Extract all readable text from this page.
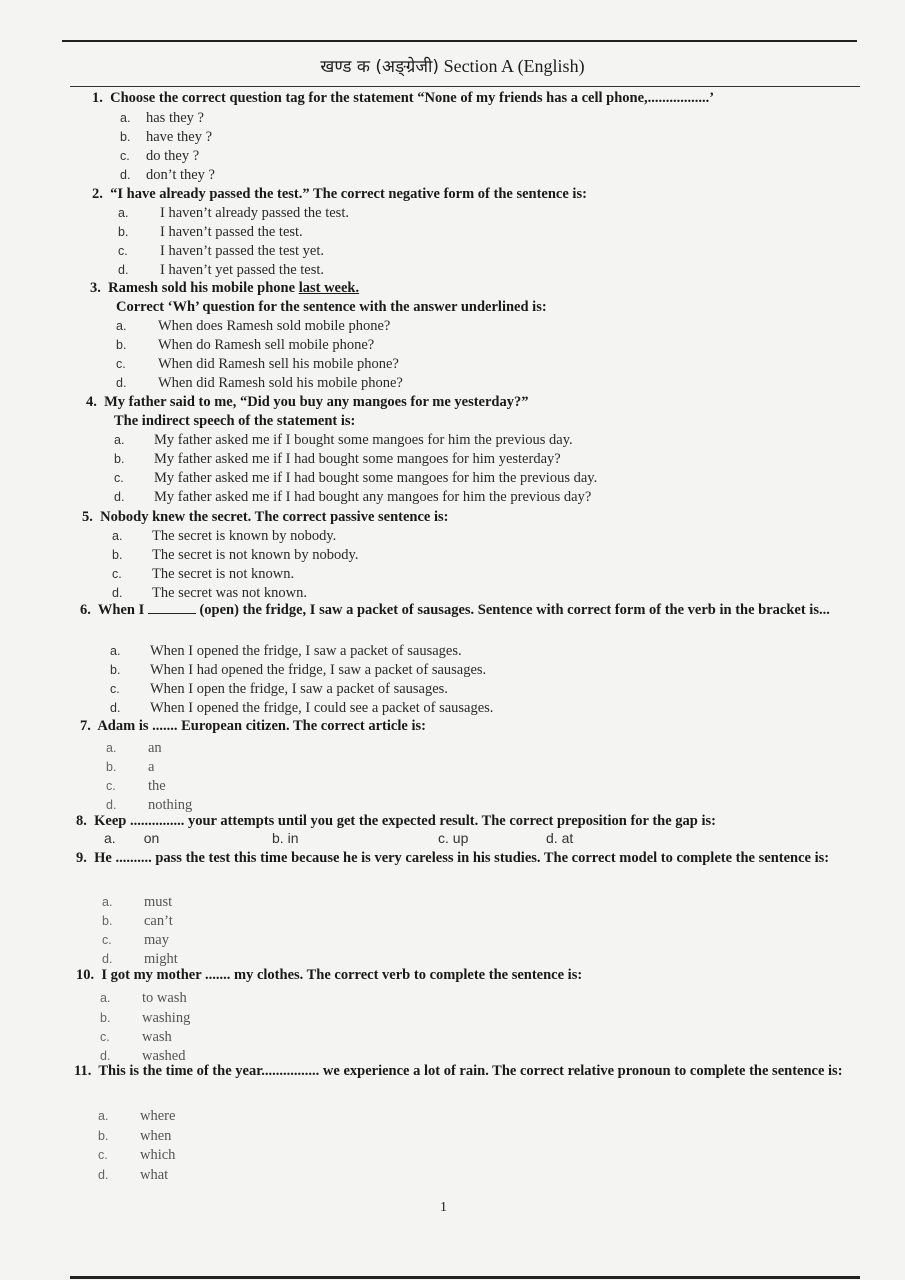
खण्ड क (अङ्ग्रेजी) Section A (English)
1. Choose the correct question tag for the statement “None of my friends has a cell phone,.................’
a. has they ?
b. have they ?
c. do they ?
d. don’t they ?
2. “I have already passed the test.” The correct negative form of the sentence is:
a. I haven’t already passed the test.
b. I haven’t passed the test.
c. I haven’t passed the test yet.
d. I haven’t yet passed the test.
3. Ramesh sold his mobile phone last week.
Correct ‘Wh’ question for the sentence with the answer underlined is:
a. When does Ramesh sold mobile phone?
b. When do Ramesh sell mobile phone?
c. When did Ramesh sell his mobile phone?
d. When did Ramesh sold his mobile phone?
4. My father said to me, “Did you buy any mangoes for me yesterday?”
The indirect speech of the statement is:
a. My father asked me if I bought some mangoes for him the previous day.
b. My father asked me if I had bought some mangoes for him yesterday?
c. My father asked me if I had bought some mangoes for him the previous day.
d. My father asked me if I had bought any mangoes for him the previous day?
5. Nobody knew the secret. The correct passive sentence is:
a. The secret is known by nobody.
b. The secret is not known by nobody.
c. The secret is not known.
d. The secret was not known.
6. When I	(open) the fridge, I saw a packet of sausages. Sentence with correct form of the verb in the bracket is...
a. When I opened the fridge, I saw a packet of sausages.
b. When I had opened the fridge, I saw a packet of sausages.
c. When I open the fridge, I saw a packet of sausages.
d. When I opened the fridge, I could see a packet of sausages.
7. Adam is ....... European citizen. The correct article is:
a. an
b. a
c. the
d. nothing
8. Keep ............... your attempts until you get the expected result. The correct preposition for the gap is:
a. on	b. in	c. up	d. at
9. He .......... pass the test this time because he is very careless in his studies. The correct model to complete the sentence is:
a. must
b. can’t
c. may
d. might
10. I got my mother ....... my clothes. The correct verb to complete the sentence is:
a. to wash
b. washing
c. wash
d. washed
11. This is the time of the year................ we experience a lot of rain. The correct relative pronoun to complete the sentence is:
a. where
b. when
c. which
d. what
1
